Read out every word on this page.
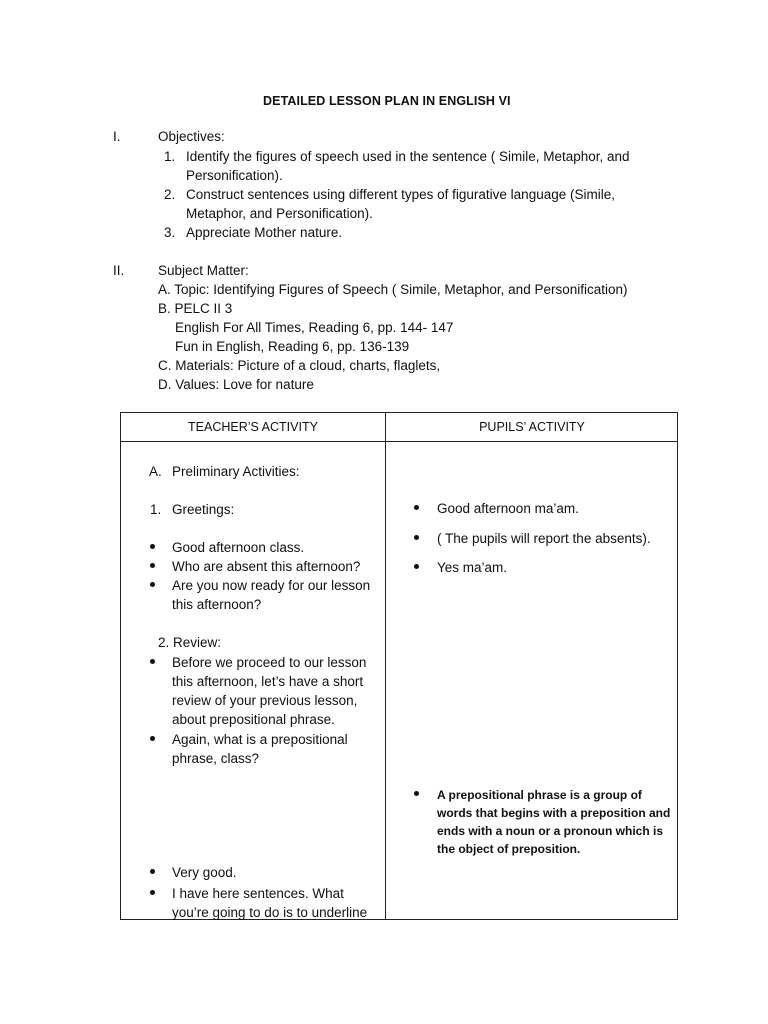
DETAILED LESSON PLAN IN ENGLISH VI
I.	Objectives:
1. Identify the figures of speech used in the sentence ( Simile, Metaphor, and
Personification).
2. Construct sentences using different types of figurative language (Simile,
Metaphor, and Personification).
3. Appreciate Mother nature.
II. Subject Matter:
A. Topic: Identifying Figures of Speech ( Simile, Metaphor, and Personification)
B. PELC II 3
English For All Times, Reading 6, pp. 144- 147
Fun in English, Reading 6, pp. 136-139
C. Materials: Picture of a cloud, charts, flaglets,
D. Values: Love for nature
TEACHER’S ACTIVITY	PUPILS’ ACTIVITY
A. Preliminary Activities:
1. Greetings:
Good afternoon class.
Who are absent this afternoon?
Are you now ready for our lesson
this afternoon?
2. Review:
Before we proceed to our lesson
this afternoon, let’s have a short
review of your previous lesson,
about prepositional phrase.
Again, what is a prepositional
phrase, class?
Very good.
I have here sentences. What
you’re going to do is to underline
Good afternoon ma’am.
( The pupils will report the absents).
Yes ma’am.
A prepositional phrase is a group of
words that begins with a preposition and
ends with a noun or a pronoun which is
the object of preposition.
